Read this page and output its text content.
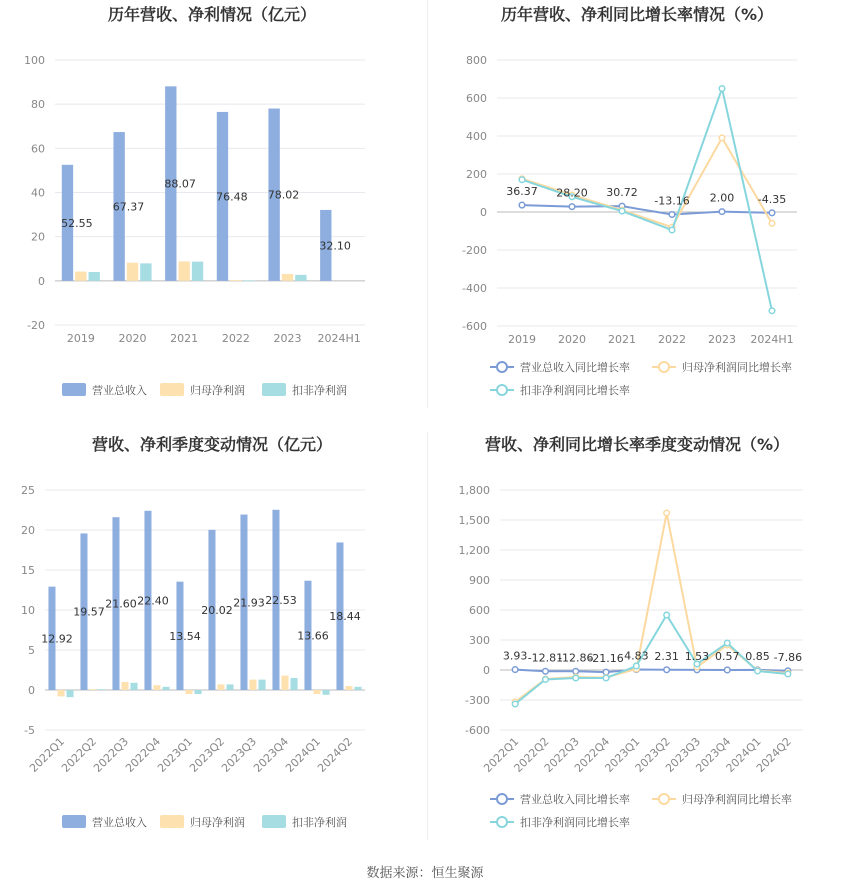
历年营收、净利情况（亿元）
100
80
60
40
20
0
-20
2019 2020 2021 2022 2023 2024H1
52.55
67.37
88.07
76.48 78.02
32.10
营业总收入	归母净利润	扣非净利润
历年营收、净利同比增长率情况（%）
800
600
400
200
0
-200
-400
-600
2019 2020 2021 2022 2023 2024H1
36.37 28.20 30.72
-13.16 2.00 -4.35
营业总收入同比增长率	归母净利润同比增长率
扣非净利润同比增长率
营收、净利季度变动情况（亿元）
25
20
15
10
5
0
-5
2022Q1
2022Q2
2022Q3
2022Q4
2023Q1
2023Q2
2023Q3
2023Q4
2024Q1
2024Q2
12.92
19.57
21.60 22.40
13.54
20.02
21.93 22.53
13.66
18.44
营业总收入	归母净利润	扣非净利润
营收、净利同比增长率季度变动情况（%）
1,800
1,500
1,200
900
600
300
0
-300
-600
2022Q1
2022Q2
2022Q3
2022Q4
2023Q1
2023Q2
2023Q3
2023Q4
2024Q1
2024Q2
3.93 -12.81
-12.86
-21.16 4.83 2.31 1.53 0.57 0.85 -7.86
营业总收入同比增长率	归母净利润同比增长率
扣非净利润同比增长率
数据来源：恒生聚源
